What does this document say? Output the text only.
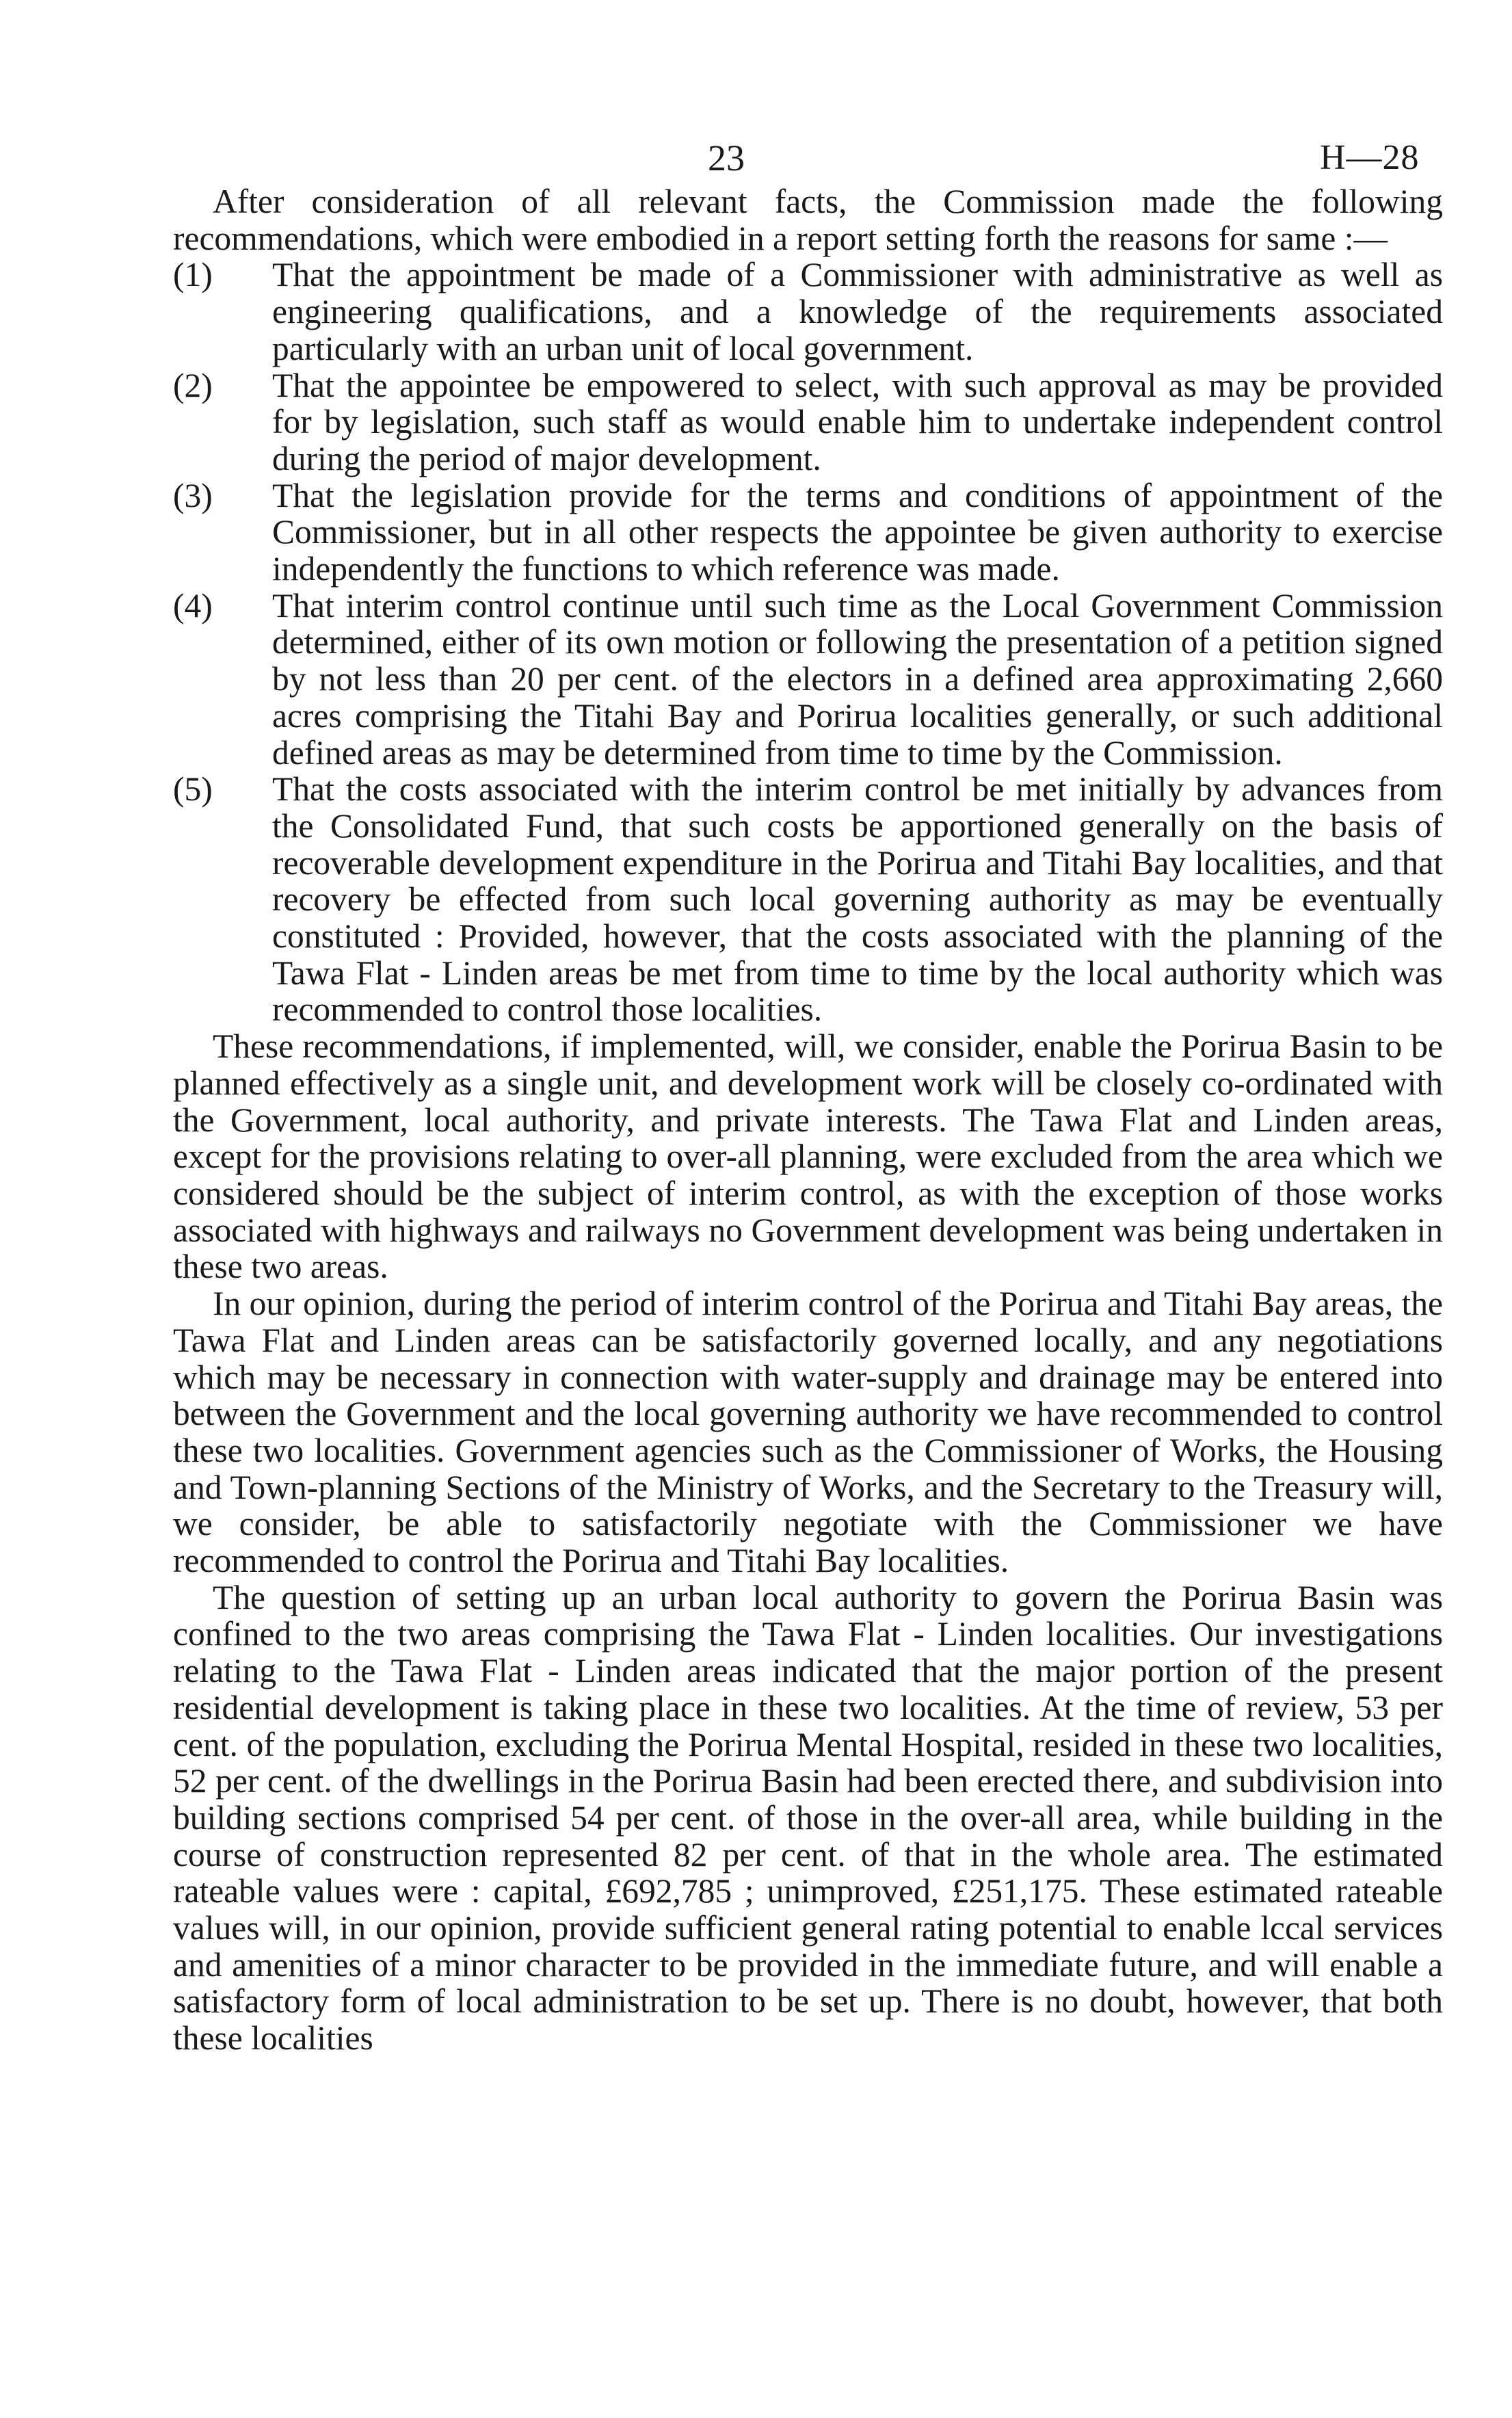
23	H—28

After consideration of all relevant facts, the Commission made the following recommendations, which were embodied in a report setting forth the reasons for same :—

(1)	That the appointment be made of a Commissioner with administrative as well as engineering qualifications, and a knowledge of the requirements associated particularly with an urban unit of local government.
(2)	That the appointee be empowered to select, with such approval as may be provided for by legislation, such staff as would enable him to undertake independent control during the period of major development.
(3)	That the legislation provide for the terms and conditions of appointment of the Commissioner, but in all other respects the appointee be given authority to exercise independently the functions to which reference was made.
(4)	That interim control continue until such time as the Local Government Commission determined, either of its own motion or following the presentation of a petition signed by not less than 20 per cent. of the electors in a defined area approximating 2,660 acres comprising the Titahi Bay and Porirua localities generally, or such additional defined areas as may be determined from time to time by the Commission.
(5)	That the costs associated with the interim control be met initially by advances from the Consolidated Fund, that such costs be apportioned generally on the basis of recoverable development expenditure in the Porirua and Titahi Bay localities, and that recovery be effected from such local governing authority as may be eventually constituted : Provided, however, that the costs associated with the planning of the Tawa Flat - Linden areas be met from time to time by the local authority which was recommended to control those localities.

These recommendations, if implemented, will, we consider, enable the Porirua Basin to be planned effectively as a single unit, and development work will be closely co-ordinated with the Government, local authority, and private interests. The Tawa Flat and Linden areas, except for the provisions relating to over-all planning, were excluded from the area which we considered should be the subject of interim control, as with the exception of those works associated with highways and railways no Government development was being undertaken in these two areas.

In our opinion, during the period of interim control of the Porirua and Titahi Bay areas, the Tawa Flat and Linden areas can be satisfactorily governed locally, and any negotiations which may be necessary in connection with water-supply and drainage may be entered into between the Government and the local governing authority we have recommended to control these two localities. Government agencies such as the Commissioner of Works, the Housing and Town-planning Sections of the Ministry of Works, and the Secretary to the Treasury will, we consider, be able to satisfactorily negotiate with the Commissioner we have recommended to control the Porirua and Titahi Bay localities.

The question of setting up an urban local authority to govern the Porirua Basin was confined to the two areas comprising the Tawa Flat - Linden localities. Our investigations relating to the Tawa Flat - Linden areas indicated that the major portion of the present residential development is taking place in these two localities. At the time of review, 53 per cent. of the population, excluding the Porirua Mental Hospital, resided in these two localities, 52 per cent. of the dwellings in the Porirua Basin had been erected there, and subdivision into building sections comprised 54 per cent. of those in the over-all area, while building in the course of construction represented 82 per cent. of that in the whole area. The estimated rateable values were : capital, £692,785 ; unimproved, £251,175. These estimated rateable values will, in our opinion, provide sufficient general rating potential to enable lccal services and amenities of a minor character to be provided in the immediate future, and will enable a satisfactory form of local administration to be set up. There is no doubt, however, that both these localities
